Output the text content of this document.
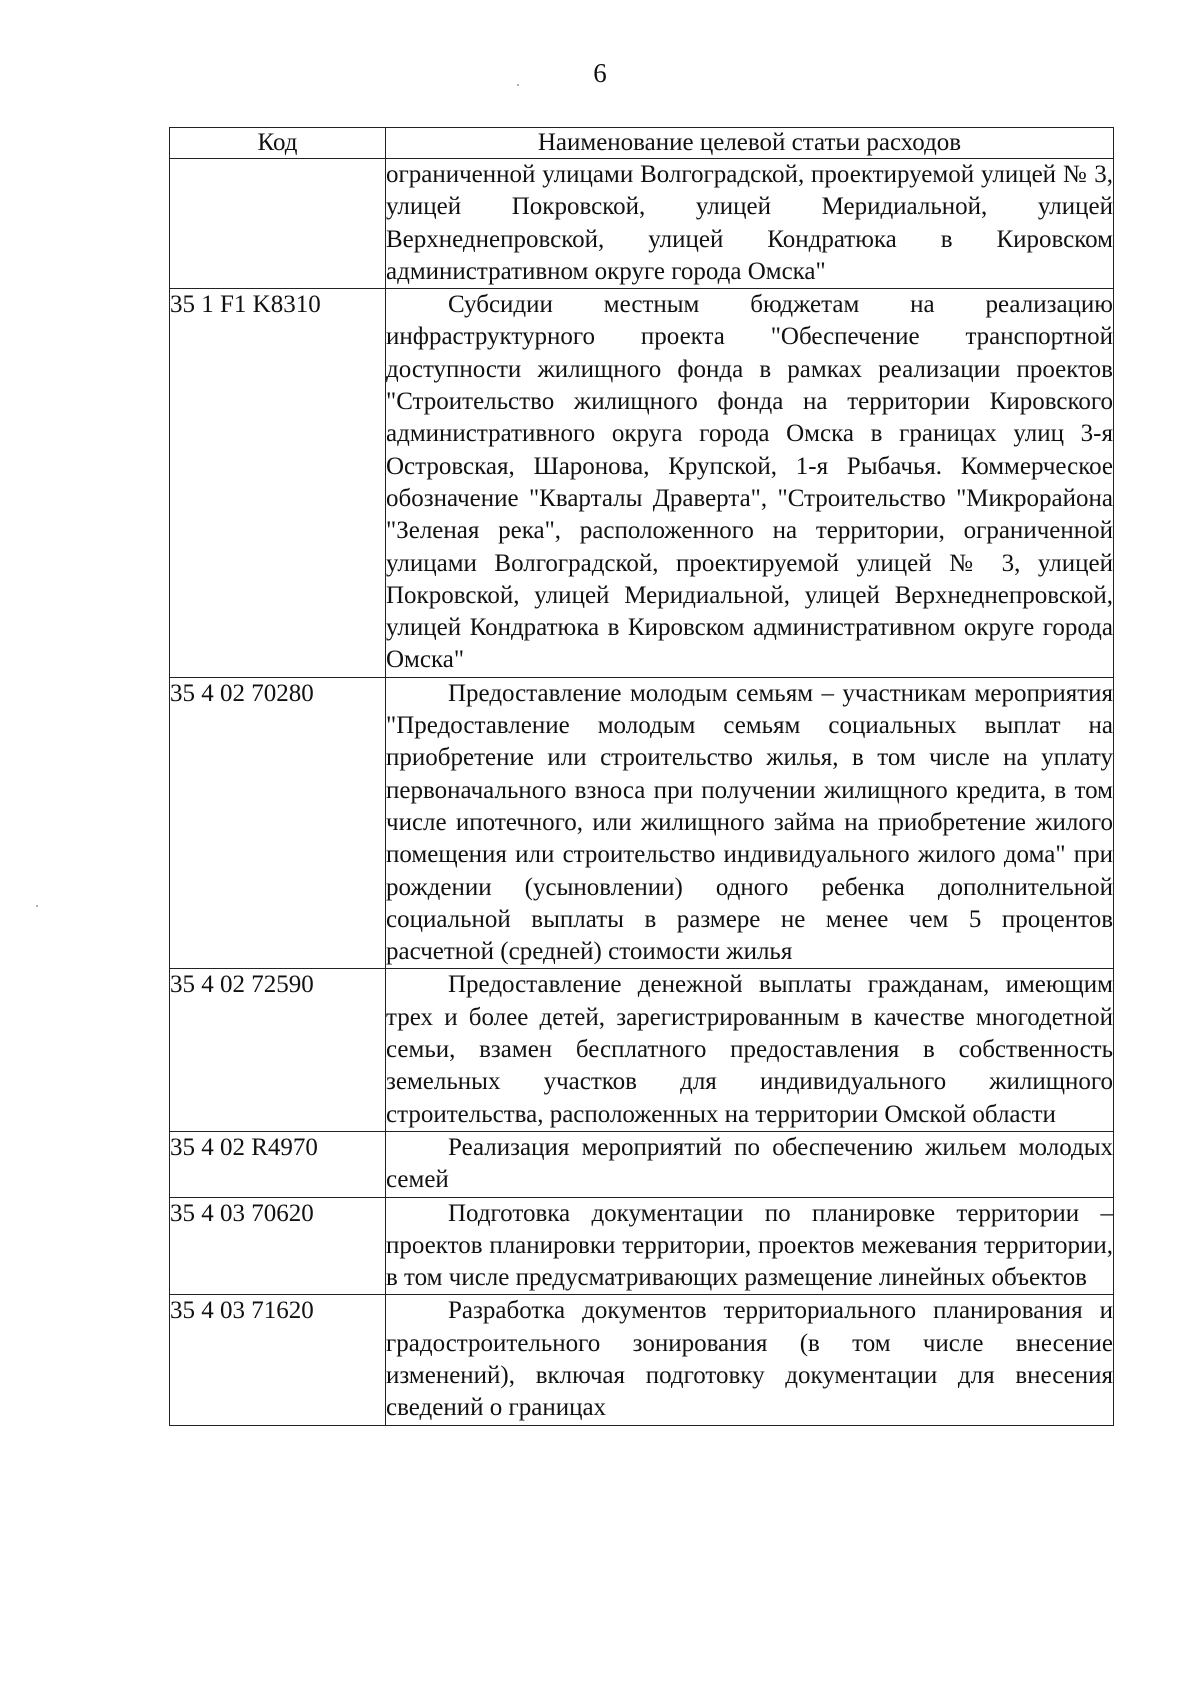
6
Код	Наименование целевой статьи расходов

	ограниченной улицами Волгоградской, проектируемой улицей № 3, улицей Покровской, улицей Меридиальной, улицей Верхнеднепровской, улицей Кондратюка в Кировском административном округе города Омска"

35 1 F1 K8310	Субсидии местным бюджетам на реализацию инфраструктурного проекта "Обеспечение транспортной доступности жилищного фонда в рамках реализации проектов "Строительство жилищного фонда на территории Кировского административного округа города Омска в границах улиц 3-я Островская, Шаронова, Крупской, 1-я Рыбачья. Коммерческое обозначение "Кварталы Драверта", "Строительство "Микрорайона "Зеленая река", расположенного на территории, ограниченной улицами Волгоградской, проектируемой улицей № 3, улицей Покровской, улицей Меридиальной, улицей Верхнеднепровской, улицей Кондратюка в Кировском административном округе города Омска"

35 4 02 70280	Предоставление молодым семьям – участникам мероприятия "Предоставление молодым семьям социальных выплат на приобретение или строительство жилья, в том числе на уплату первоначального взноса при получении жилищного кредита, в том числе ипотечного, или жилищного займа на приобретение жилого помещения или строительство индивидуального жилого дома" при рождении (усыновлении) одного ребенка дополнительной социальной выплаты в размере не менее чем 5 процентов расчетной (средней) стоимости жилья

35 4 02 72590	Предоставление денежной выплаты гражданам, имеющим трех и более детей, зарегистрированным в качестве многодетной семьи, взамен бесплатного предоставления в собственность земельных участков для индивидуального жилищного строительства, расположенных на территории Омской области

35 4 02 R4970	Реализация мероприятий по обеспечению жильем молодых семей

35 4 03 70620	Подготовка документации по планировке территории – проектов планировки территории, проектов межевания территории, в том числе предусматривающих размещение линейных объектов

35 4 03 71620	Разработка документов территориального планирования и градостроительного зонирования (в том числе внесение изменений), включая подготовку документации для внесения сведений о границах
